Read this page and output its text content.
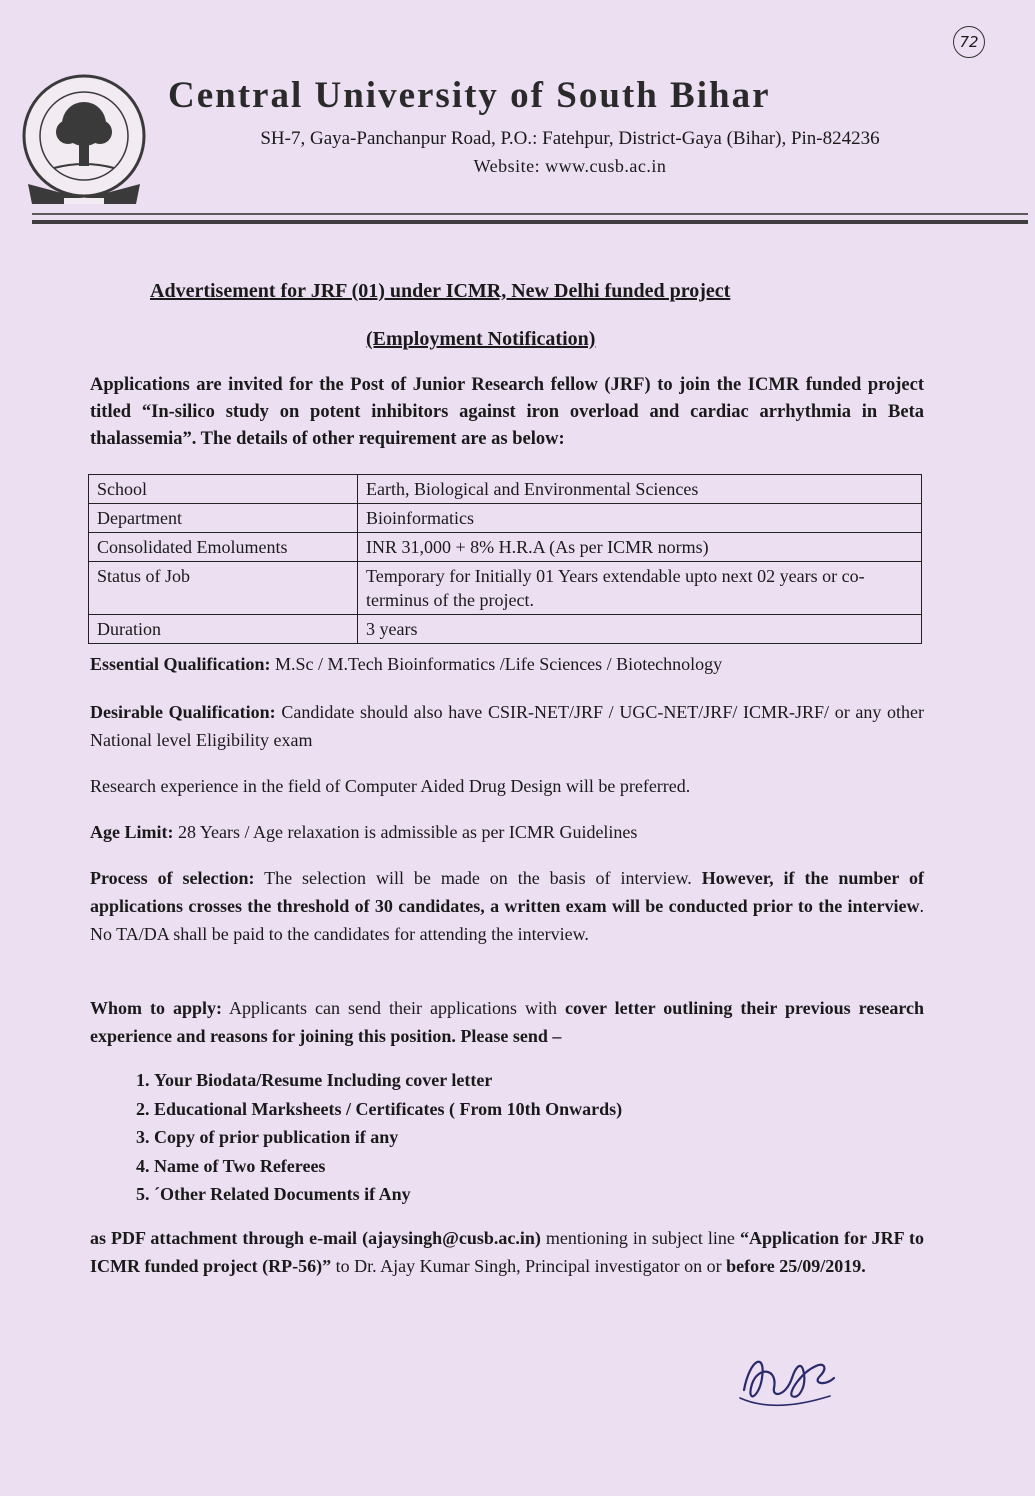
72
Central University of South Bihar
SH-7, Gaya-Panchanpur Road, P.O.: Fatehpur, District-Gaya (Bihar), Pin-824236
Website: www.cusb.ac.in
Advertisement for JRF (01) under ICMR, New Delhi funded project
(Employment Notification)
Applications are invited for the Post of Junior Research fellow (JRF) to join the ICMR funded project titled “In-silico study on potent inhibitors against iron overload and cardiac arrhythmia in Beta thalassemia”. The details of other requirement are as below:
School	Earth, Biological and Environmental Sciences
Department	Bioinformatics
Consolidated Emoluments	INR 31,000 + 8% H.R.A (As per ICMR norms)
Status of Job	Temporary for Initially 01 Years extendable upto next 02 years or co-terminus of the project.
Duration	3 years
Essential Qualification: M.Sc / M.Tech Bioinformatics /Life Sciences / Biotechnology
Desirable Qualification: Candidate should also have CSIR-NET/JRF / UGC-NET/JRF/ ICMR-JRF/ or any other National level Eligibility exam
Research experience in the field of Computer Aided Drug Design will be preferred.
Age Limit: 28 Years / Age relaxation is admissible as per ICMR Guidelines
Process of selection: The selection will be made on the basis of interview. However, if the number of applications crosses the threshold of 30 candidates, a written exam will be conducted prior to the interview. No TA/DA shall be paid to the candidates for attending the interview.
Whom to apply: Applicants can send their applications with cover letter outlining their previous research experience and reasons for joining this position. Please send –
1. Your Biodata/Resume Including cover letter
2. Educational Marksheets / Certificates ( From 10th Onwards)
3. Copy of prior publication if any
4. Name of Two Referees
5. ´Other Related Documents if Any
as PDF attachment through e-mail (ajaysingh@cusb.ac.in) mentioning in subject line “Application for JRF to ICMR funded project (RP-56)” to Dr. Ajay Kumar Singh, Principal investigator on or before 25/09/2019.
